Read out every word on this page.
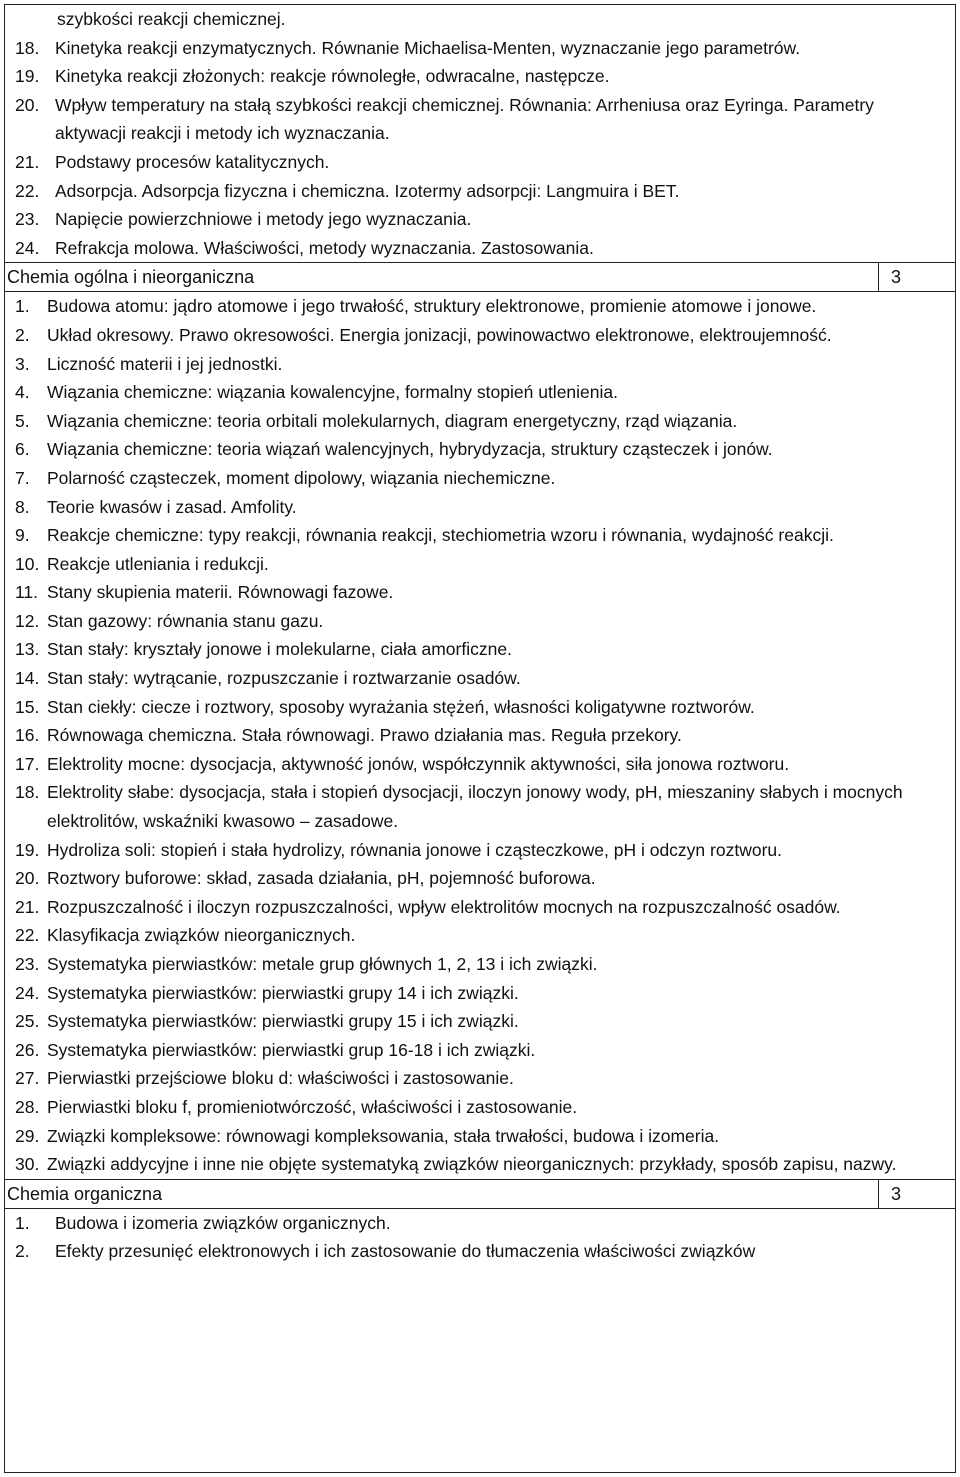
szybkości reakcji chemicznej.
18. Kinetyka reakcji enzymatycznych. Równanie Michaelisa-Menten, wyznaczanie jego parametrów.
19. Kinetyka reakcji złożonych: reakcje równoległe, odwracalne, następcze.
20. Wpływ temperatury na stałą szybkości reakcji chemicznej. Równania: Arrheniusa oraz Eyringa. Parametry aktywacji reakcji i metody ich wyznaczania.
21. Podstawy procesów katalitycznych.
22. Adsorpcja. Adsorpcja fizyczna i chemiczna. Izotermy adsorpcji: Langmuira i BET.
23. Napięcie powierzchniowe i metody jego wyznaczania.
24. Refrakcja molowa. Właściwości, metody wyznaczania. Zastosowania.
Chemia ogólna i nieorganiczna	3
1. Budowa atomu: jądro atomowe i jego trwałość, struktury elektronowe, promienie atomowe i jonowe.
2. Układ okresowy. Prawo okresowości. Energia jonizacji, powinowactwo elektronowe, elektroujemność.
3. Liczność materii i jej jednostki.
4. Wiązania chemiczne: wiązania kowalencyjne, formalny stopień utlenienia.
5. Wiązania chemiczne: teoria orbitali molekularnych, diagram energetyczny, rząd wiązania.
6. Wiązania chemiczne: teoria wiązań walencyjnych, hybrydyzacja, struktury cząsteczek i jonów.
7. Polarność cząsteczek, moment dipolowy, wiązania niechemiczne.
8. Teorie kwasów i zasad. Amfolity.
9. Reakcje chemiczne: typy reakcji, równania reakcji, stechiometria wzoru i równania, wydajność reakcji.
10. Reakcje utleniania i redukcji.
11. Stany skupienia materii. Równowagi fazowe.
12. Stan gazowy: równania stanu gazu.
13. Stan stały: kryształy jonowe i molekularne, ciała amorficzne.
14. Stan stały: wytrącanie, rozpuszczanie i roztwarzanie osadów.
15. Stan ciekły: ciecze i roztwory, sposoby wyrażania stężeń, własności koligatywne roztworów.
16. Równowaga chemiczna. Stała równowagi. Prawo działania mas. Reguła przekory.
17. Elektrolity mocne: dysocjacja, aktywność jonów, współczynnik aktywności, siła jonowa roztworu.
18. Elektrolity słabe: dysocjacja, stała i stopień dysocjacji, iloczyn jonowy wody, pH, mieszaniny słabych i mocnych elektrolitów, wskaźniki kwasowo – zasadowe.
19. Hydroliza soli: stopień i stała hydrolizy, równania jonowe i cząsteczkowe, pH i odczyn roztworu.
20. Roztwory buforowe: skład, zasada działania, pH, pojemność buforowa.
21. Rozpuszczalność i iloczyn rozpuszczalności, wpływ elektrolitów mocnych na rozpuszczalność osadów.
22. Klasyfikacja związków nieorganicznych.
23. Systematyka pierwiastków: metale grup głównych 1, 2, 13 i ich związki.
24. Systematyka pierwiastków: pierwiastki grupy 14 i ich związki.
25. Systematyka pierwiastków: pierwiastki grupy 15 i ich związki.
26. Systematyka pierwiastków: pierwiastki grup 16-18 i ich związki.
27. Pierwiastki przejściowe bloku d: właściwości i zastosowanie.
28. Pierwiastki bloku f, promieniotwórczość, właściwości i zastosowanie.
29. Związki kompleksowe: równowagi kompleksowania, stała trwałości, budowa i izomeria.
30. Związki addycyjne i inne nie objęte systematyką związków nieorganicznych: przykłady, sposób zapisu, nazwy.
Chemia organiczna	3
1.	Budowa i izomeria związków organicznych.
2.	Efekty przesunięć elektronowych i ich zastosowanie do tłumaczenia właściwości związków
